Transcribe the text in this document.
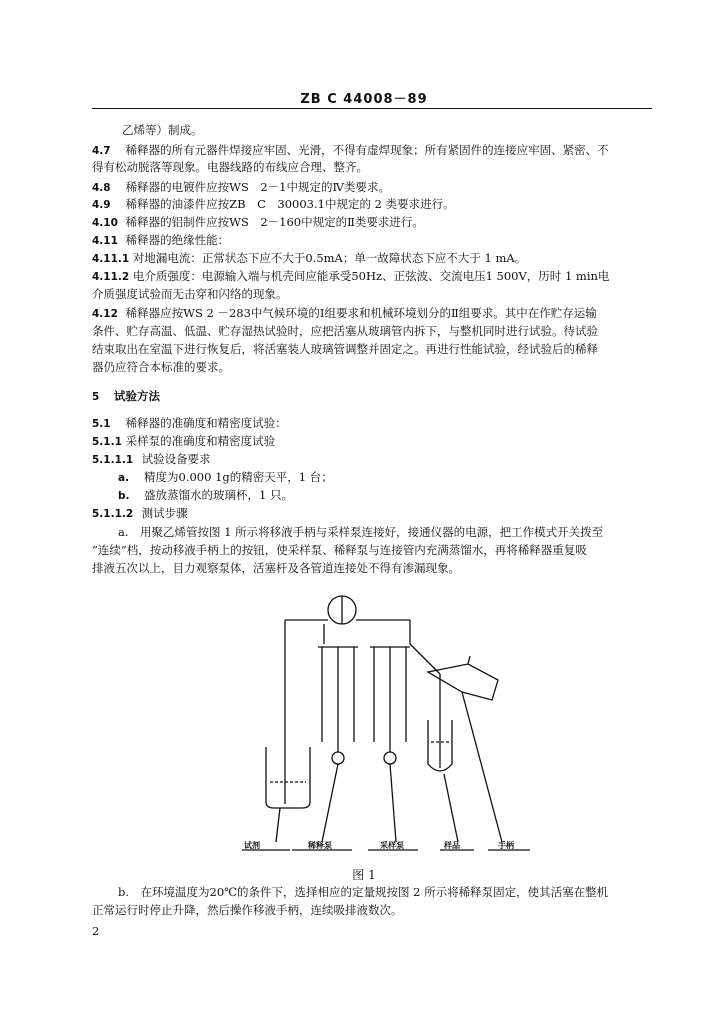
ZB C 44008－89
乙烯等）制成。
4.7 稀释器的所有元器件焊接应牢固、光滑，不得有虚焊现象；所有紧固件的连接应牢固、紧密、不
得有松动脱落等现象。电器线路的布线应合理、整齐。
4.8 稀释器的电镀件应按WS　2－1中规定的Ⅳ类要求。
4.9 稀释器的油漆件应按ZB　C　30003.1中规定的 2 类要求进行。
4.10 稀释器的铝制件应按WS　2－160中规定的Ⅱ类要求进行。
4.11 稀释器的绝缘性能：
4.11.1 对地漏电流：正常状态下应不大于0.5mA；单一故障状态下应不大于 1 mA。
4.11.2 电介质强度：电源输入端与机壳间应能承受50Hz、正弦波、交流电压1 500V，历时 1 min电
介质强度试验而无击穿和闪络的现象。
4.12 稀释器应按WS 2 －283中气候环境的Ⅰ组要求和机械环境划分的Ⅱ组要求。其中在作贮存运输
条件、贮存高温、低温、贮存湿热试验时，应把活塞从玻璃管内拆下，与整机同时进行试验。待试验
结束取出在室温下进行恢复后，将活塞装人玻璃管调整并固定之。再进行性能试验，经试验后的稀释
器仍应符合本标准的要求。
5 试验方法
5.1 稀释器的准确度和精密度试验：
5.1.1 采样泵的准确度和精密度试验
5.1.1.1 试验设备要求
a. 精度为0.000 1g的精密天平，1 台；
b. 盛放蒸馏水的玻璃杯，1 只。
5.1.1.2 测试步骤
a.　用聚乙烯管按图 1 所示将移液手柄与采样泵连接好，接通仪器的电源，把工作模式开关拨至
“连续”档，按动移液手柄上的按钮，使采样泵、稀释泵与连接管内充满蒸馏水，再将稀释器重复吸
排液五次以上，目力观察泵体，活塞杆及各管道连接处不得有渗漏现象。
试剂	稀释泵	采样泵	样品	手柄
图 1
b.　在环境温度为20℃的条件下，选择相应的定量规按图 2 所示将稀释泵固定，使其活塞在整机
正常运行时停止升降，然后操作移液手柄，连续吸排液数次。
2
